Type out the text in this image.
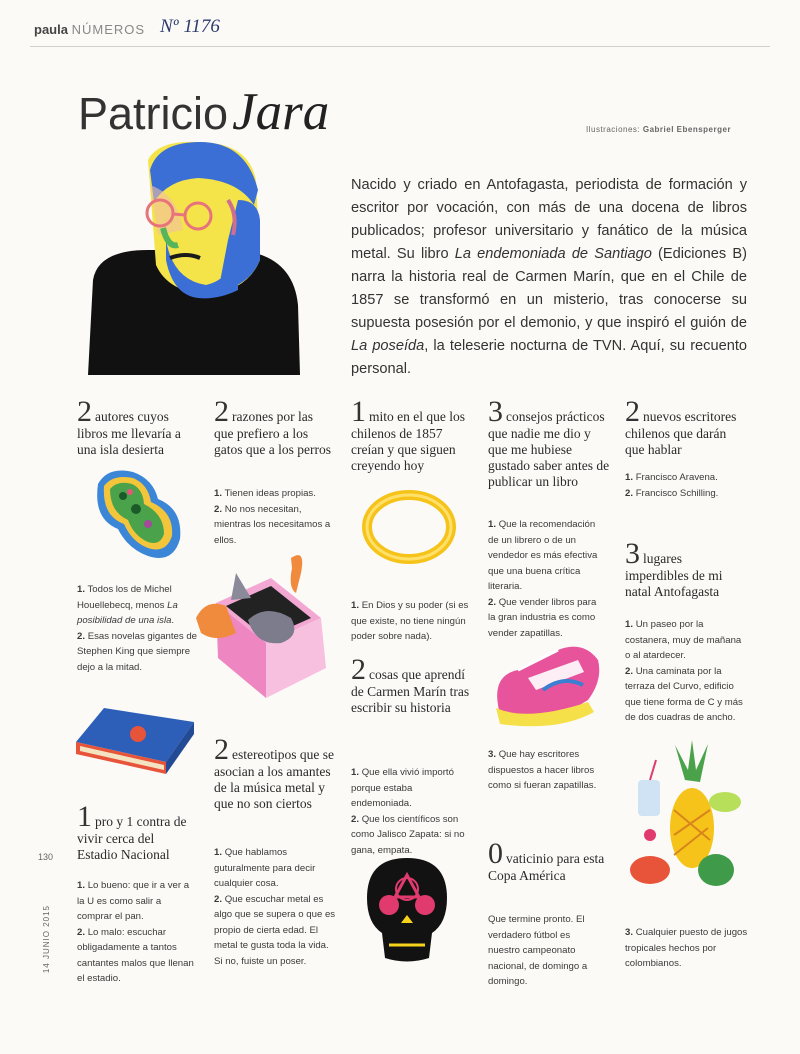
paula NÚMEROS Nº 1176
Patricio Jara	Ilustraciones: Gabriel Ebensperger
Nacido y criado en Antofagasta, periodista de formación y escritor por vocación, con más de una docena de libros publicados; profesor universitario y fanático de la música metal. Su libro La endemoniada de Santiago (Ediciones B) narra la historia real de Carmen Marín, que en el Chile de 1857 se transformó en un misterio, tras conocerse su supuesta posesión por el demonio, y que inspiró el guión de La poseída, la teleserie nocturna de TVN. Aquí, su recuento personal.
2 autores cuyos libros me llevaría a una isla desierta
1. Todos los de Michel Houellebecq, menos La posibilidad de una isla.
2. Esas novelas gigantes de Stephen King que siempre dejo a la mitad.
1 pro y 1 contra de vivir cerca del Estadio Nacional
1. Lo bueno: que ir a ver a la U es como salir a comprar el pan.
2. Lo malo: escuchar obligadamente a tantos cantantes malos que llenan el estadio.
2 razones por las que prefiero a los gatos que a los perros
1. Tienen ideas propias.
2. No nos necesitan, mientras los necesitamos a ellos.
2 estereotipos que se asocian a los amantes de la música metal y que no son ciertos
1. Que hablamos guturalmente para decir cualquier cosa.
2. Que escuchar metal es algo que se supera o que es propio de cierta edad. El metal te gusta toda la vida. Si no, fuiste un poser.
1 mito en el que los chilenos de 1857 creían y que siguen creyendo hoy
1. En Dios y su poder (si es que existe, no tiene ningún poder sobre nada).
2 cosas que aprendí de Carmen Marín tras escribir su historia
1. Que ella vivió importó porque estaba endemoniada.
2. Que los científicos son como Jalisco Zapata: si no gana, empata.
3 consejos prácticos que nadie me dio y que me hubiese gustado saber antes de publicar un libro
1. Que la recomendación de un librero o de un vendedor es más efectiva que una buena crítica literaria.
2. Que vender libros para la gran industria es como vender zapatillas.
3. Que hay escritores dispuestos a hacer libros como si fueran zapatillas.
0 vaticinio para esta Copa América
Que termine pronto. El verdadero fútbol es nuestro campeonato nacional, de domingo a domingo.
2 nuevos escritores chilenos que darán que hablar
1. Francisco Aravena.
2. Francisco Schilling.
3 lugares imperdibles de mi natal Antofagasta
1. Un paseo por la costanera, muy de mañana o al atardecer.
2. Una caminata por la terraza del Curvo, edificio que tiene forma de C y más de dos cuadras de ancho.
3. Cualquier puesto de jugos tropicales hechos por colombianos.
130
14 JUNIO 2015
